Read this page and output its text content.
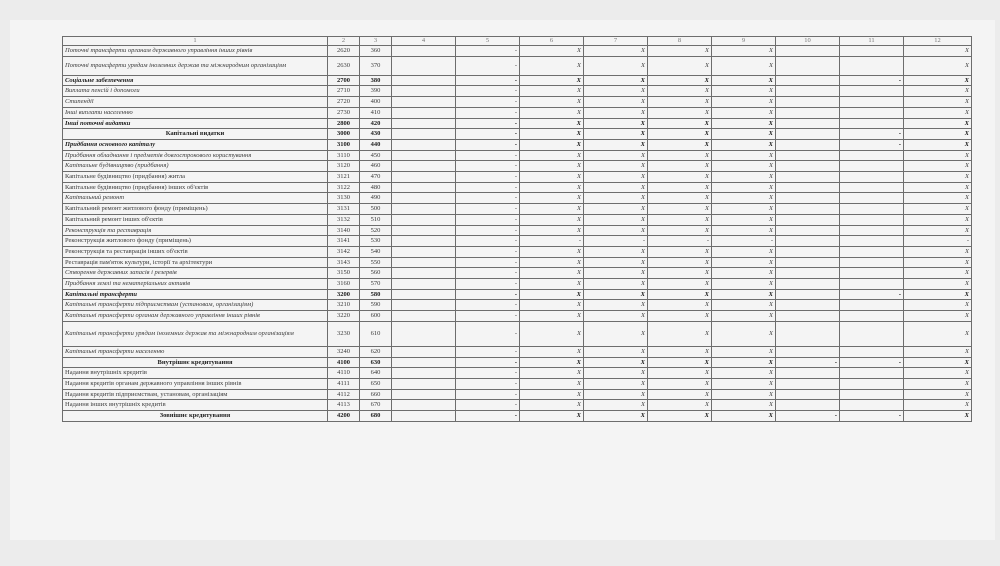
1	2	3	4	5	6	7	8	9	10	11	12	
Поточні трансферти органам державного управління інших рівнів	2620	360		-	X	X	X	X			X	
Поточні трансферти урядам іноземних держав та міжнародним організаціям	2630	370		-	X	X	X	X			X	
Соціальне забезпечення	2700	380		-	X	X	X	X		-	X	
Виплата пенсій і допомоги	2710	390		-	X	X	X	X			X	
Стипендії	2720	400		-	X	X	X	X			X	
Інші виплати населенню	2730	410		-	X	X	X	X			X	
Інші поточні видатки	2800	420		-	X	X	X	X			X	
Капітальні видатки	3000	430		-	X	X	X	X		-	X	
Придбання основного капіталу	3100	440		-	X	X	X	X		-	X	
Придбання обладнання і предметів довгострокового користування	3110	450		-	X	X	X	X			X	
Капітальне будівництво (придбання)	3120	460		-	X	X	X	X			X	
Капітальне будівництво (придбання) житла	3121	470		-	X	X	X	X			X	
Капітальне будівництво (придбання) інших об'єктів	3122	480		-	X	X	X	X			X	
Капітальний ремонт	3130	490		-	X	X	X	X			X	
Капітальний ремонт житлового фонду (приміщень)	3131	500		-	X	X	X	X			X	
Капітальний ремонт інших об'єктів	3132	510		-	X	X	X	X			X	
Реконструкція та реставрація	3140	520		-	X	X	X	X			X	
Реконструкція житлового фонду (приміщень)	3141	530		-	-	-	-	-			-	
Реконструкція та реставрація інших об'єктів	3142	540		-	X	X	X	X			X	
Реставрація пам'яток культури, історії та архітектури	3143	550		-	X	X	X	X			X	
Створення державних запасів і резервів	3150	560		-	X	X	X	X			X	
Придбання землі та нематеріальних активів	3160	570		-	X	X	X	X			X	
Капітальні трансферти	3200	580		-	X	X	X	X		-	X	
Капітальні трансферти підприємствам (установам, організаціям)	3210	590		-	X	X	X	X			X	
Капітальні трансферти органам державного управління інших рівнів	3220	600		-	X	X	X	X			X	
Капітальні трансферти урядам іноземних держав та міжнародним організаціям	3230	610		-	X	X	X	X			X	
Капітальні трансферти населенню	3240	620		-	X	X	X	X			X	
Внутрішнє кредитування	4100	630		-	X	X	X	X	-	-	X	
Надання внутрішніх кредитів	4110	640		-	X	X	X	X			X	
Надання кредитів органам державного управління інших рівнів	4111	650		-	X	X	X	X			X	
Надання кредитів підприємствам, установам, організаціям	4112	660		-	X	X	X	X			X	
Надання інших внутрішніх кредитів	4113	670		-	X	X	X	X			X	
Зовнішнє кредитування	4200	680		-	X	X	X	X	-	-	X	
